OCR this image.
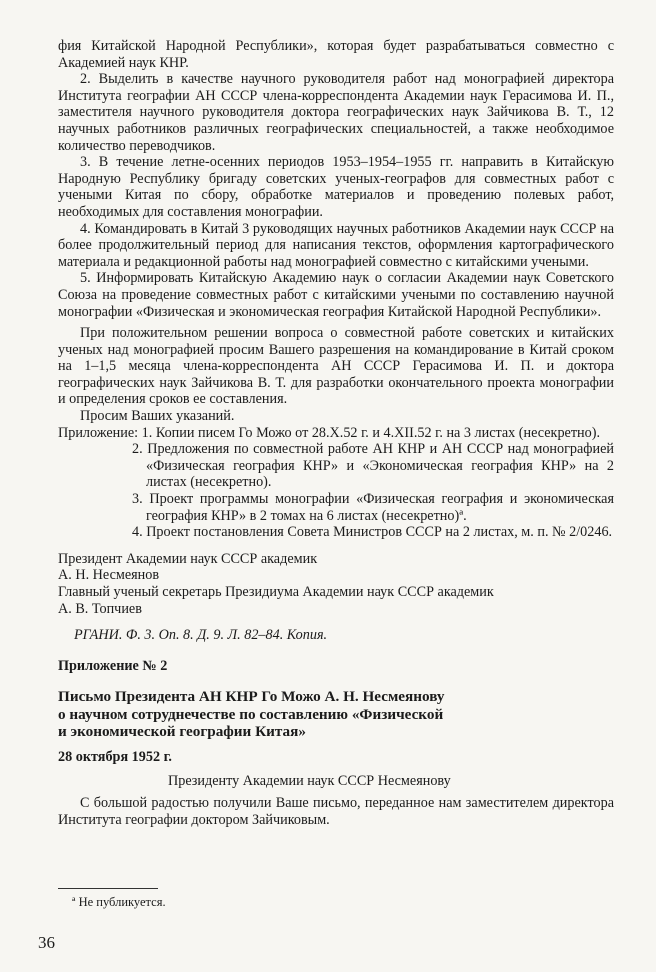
фия Китайской Народной Республики», которая будет разрабатываться совместно с Академией наук КНР.

2. Выделить в качестве научного руководителя работ над монографией директора Института географии АН СССР члена-корреспондента Академии наук Герасимова И. П., заместителя научного руководителя доктора географических наук Зайчикова В. Т., 12 научных работников различных географических специальностей, а также необходимое количество переводчиков.

3. В течение летне-осенних периодов 1953–1954–1955 гг. направить в Китайскую Народную Республику бригаду советских ученых-географов для совместных работ с учеными Китая по сбору, обработке материалов и проведению полевых работ, необходимых для составления монографии.

4. Командировать в Китай 3 руководящих научных работников Академии наук СССР на более продолжительный период для написания текстов, оформления картографического материала и редакционной работы над монографией совместно с китайскими учеными.

5. Информировать Китайскую Академию наук о согласии Академии наук Советского Союза на проведение совместных работ с китайскими учеными по составлению научной монографии «Физическая и экономическая география Китайской Народной Республики».

При положительном решении вопроса о совместной работе советских и китайских ученых над монографией просим Вашего разрешения на командирование в Китай сроком на 1–1,5 месяца члена-корреспондента АН СССР Герасимова И. П. и доктора географических наук Зайчикова В. Т. для разработки окончательного проекта монографии и определения сроков ее составления.

Просим Ваших указаний.

Приложение: 1. Копии писем Го Можо от 28.X.52 г. и 4.XII.52 г. на 3 листах (несекретно).

2. Предложения по совместной работе АН КНР и АН СССР над монографией «Физическая география КНР» и «Экономическая география КНР» на 2 листах (несекретно).
3. Проект программы монографии «Физическая география и экономическая география КНР» в 2 томах на 6 листах (несекретно)ª.
4. Проект постановления Совета Министров СССР на 2 листах, м. п. № 2/0246.

Президент Академии наук СССР академик

А. Н. Несмеянов

Главный ученый секретарь Президиума Академии наук СССР академик

А. В. Топчиев

РГАНИ. Ф. 3. Оп. 8. Д. 9. Л. 82–84. Копия.

Приложение № 2

Письмо Президента АН КНР Го Можо А. Н. Несмеянову
о научном сотруднечестве по составлению «Физической
и экономической географии Китая»

28 октября 1952 г.

Президенту Академии наук СССР Несмеянову

С большой радостью получили Ваше письмо, переданное нам заместителем директора Института географии доктором Зайчиковым.

ª Не публикуется.
36
